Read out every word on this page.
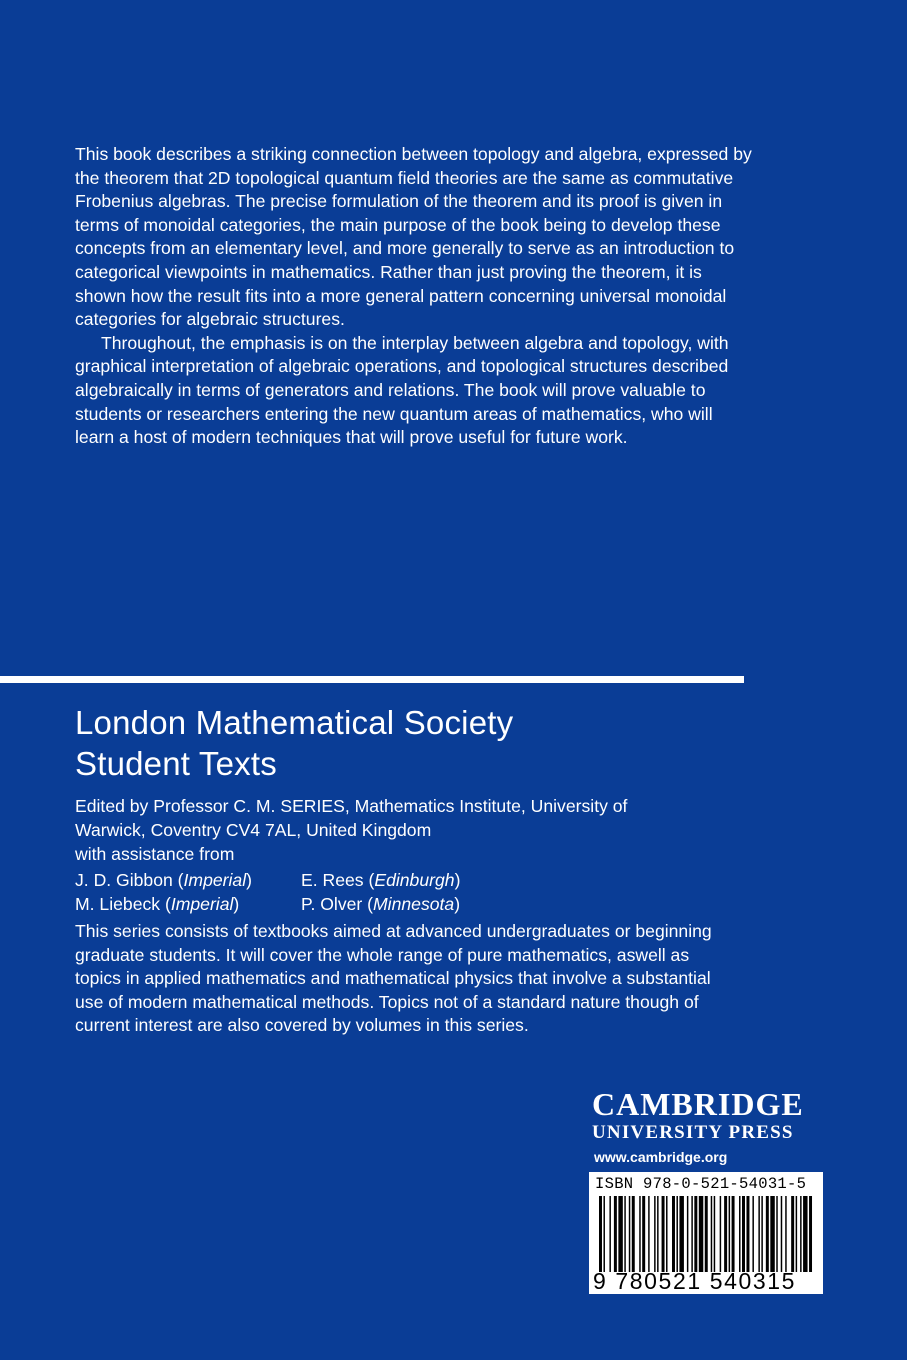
This book describes a striking connection between topology and algebra, expressed by the theorem that 2D topological quantum field theories are the same as commutative Frobenius algebras. The precise formulation of the theorem and its proof is given in terms of monoidal categories, the main purpose of the book being to develop these concepts from an elementary level, and more generally to serve as an introduction to categorical viewpoints in mathematics. Rather than just proving the theorem, it is shown how the result fits into a more general pattern concerning universal monoidal categories for algebraic structures.

Throughout, the emphasis is on the interplay between algebra and topology, with graphical interpretation of algebraic operations, and topological structures described algebraically in terms of generators and relations. The book will prove valuable to students or researchers entering the new quantum areas of mathematics, who will learn a host of modern techniques that will prove useful for future work.

London Mathematical Society
Student Texts
Edited by Professor C. M. SERIES, Mathematics Institute, University of
Warwick, Coventry CV4 7AL, United Kingdom
with assistance from
J. D. Gibbon (Imperial)	E. Rees (Edinburgh)
M. Liebeck (Imperial)	P. Olver (Minnesota)
This series consists of textbooks aimed at advanced undergraduates or beginning
graduate students. It will cover the whole range of pure mathematics, aswell as
topics in applied mathematics and mathematical physics that involve a substantial
use of modern mathematical methods. Topics not of a standard nature though of
current interest are also covered by volumes in this series.
CAMBRIDGE
UNIVERSITY PRESS
www.cambridge.org
ISBN 978-0-521-54031-5
9 780521 540315
